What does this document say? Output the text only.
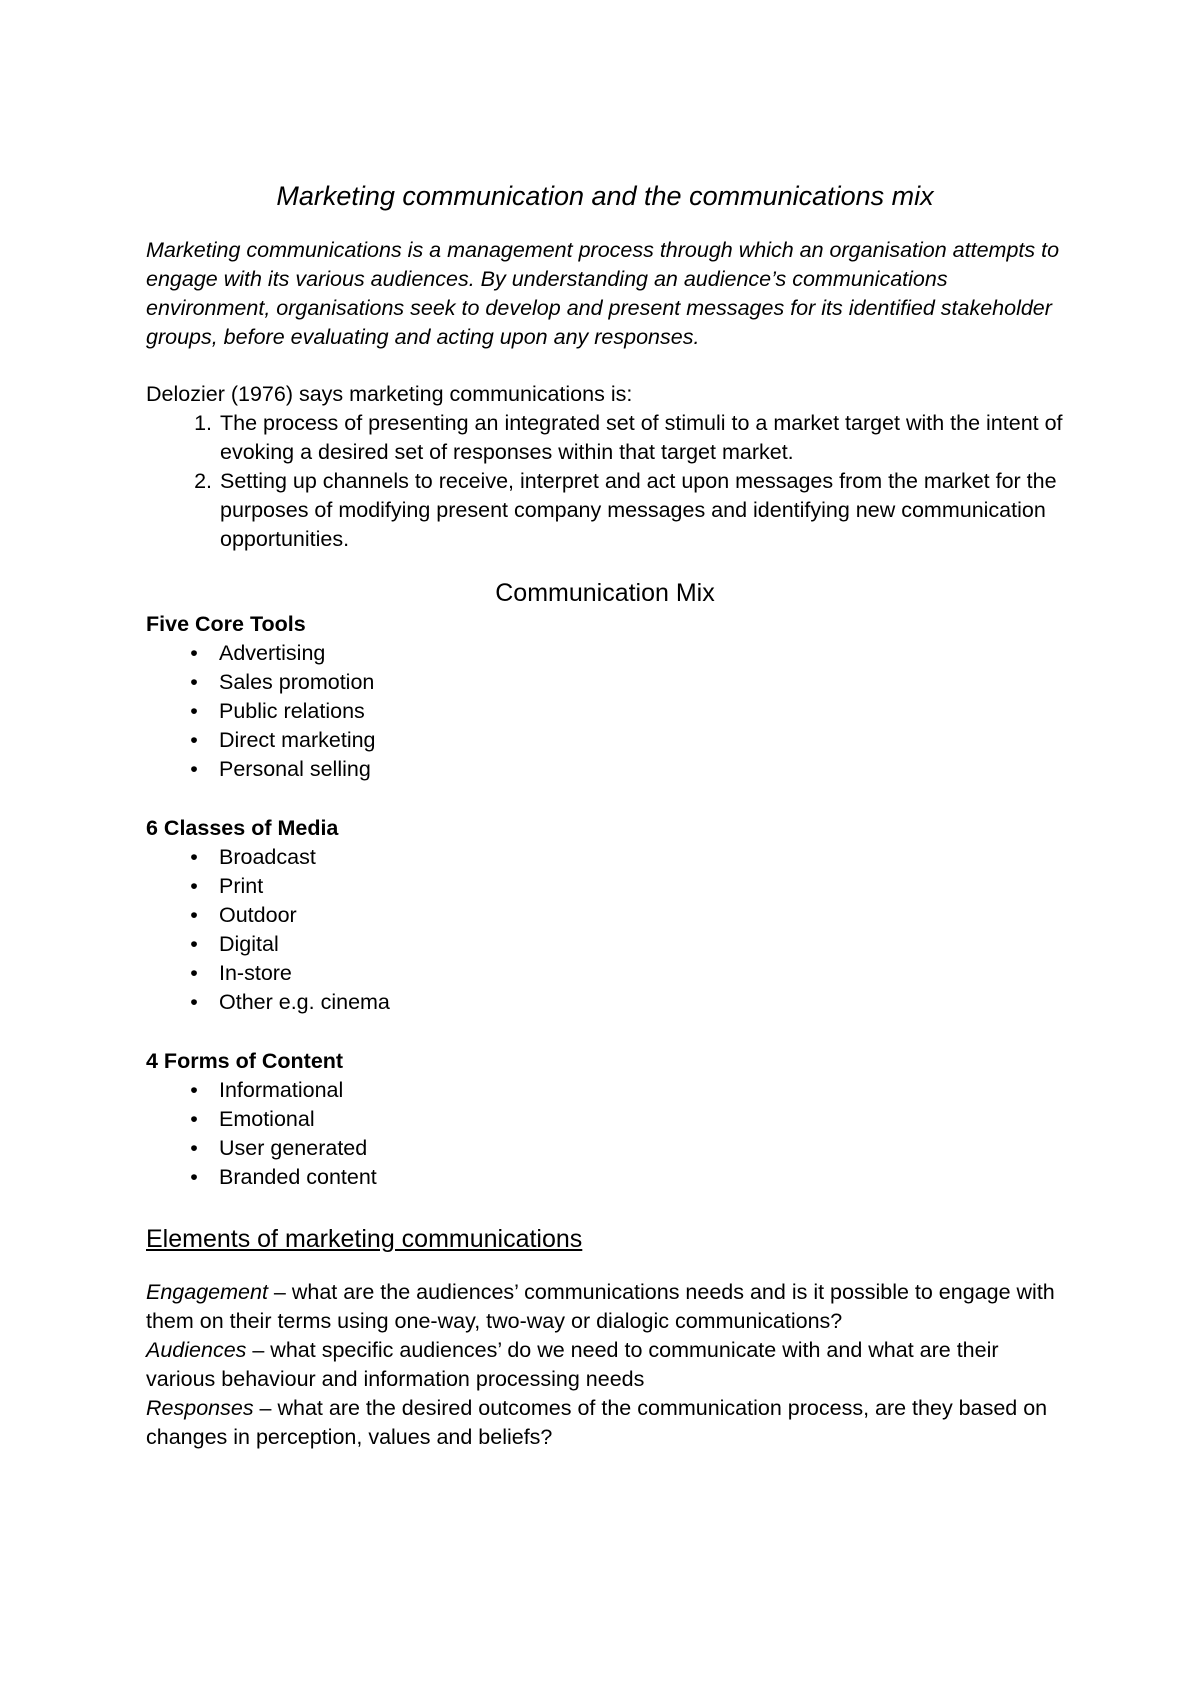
Marketing communication and the communications mix

Marketing communications is a management process through which an organisation attempts to engage with its various audiences. By understanding an audience’s communications environment, organisations seek to develop and present messages for its identified stakeholder groups, before evaluating and acting upon any responses.

Delozier (1976) says marketing communications is:

1. The process of presenting an integrated set of stimuli to a market target with the intent of evoking a desired set of responses within that target market.
2. Setting up channels to receive, interpret and act upon messages from the market for the purposes of modifying present company messages and identifying new communication opportunities.
Communication Mix

Five Core Tools

• Advertising
• Sales promotion
• Public relations
• Direct marketing
• Personal selling

6 Classes of Media

• Broadcast
• Print
• Outdoor
• Digital
• In-store
• Other e.g. cinema

4 Forms of Content

• Informational
• Emotional
• User generated
• Branded content
Elements of marketing communications

Engagement – what are the audiences’ communications needs and is it possible to engage with them on their terms using one-way, two-way or dialogic communications?

Audiences – what specific audiences’ do we need to communicate with and what are their various behaviour and information processing needs

Responses – what are the desired outcomes of the communication process, are they based on changes in perception, values and beliefs?
